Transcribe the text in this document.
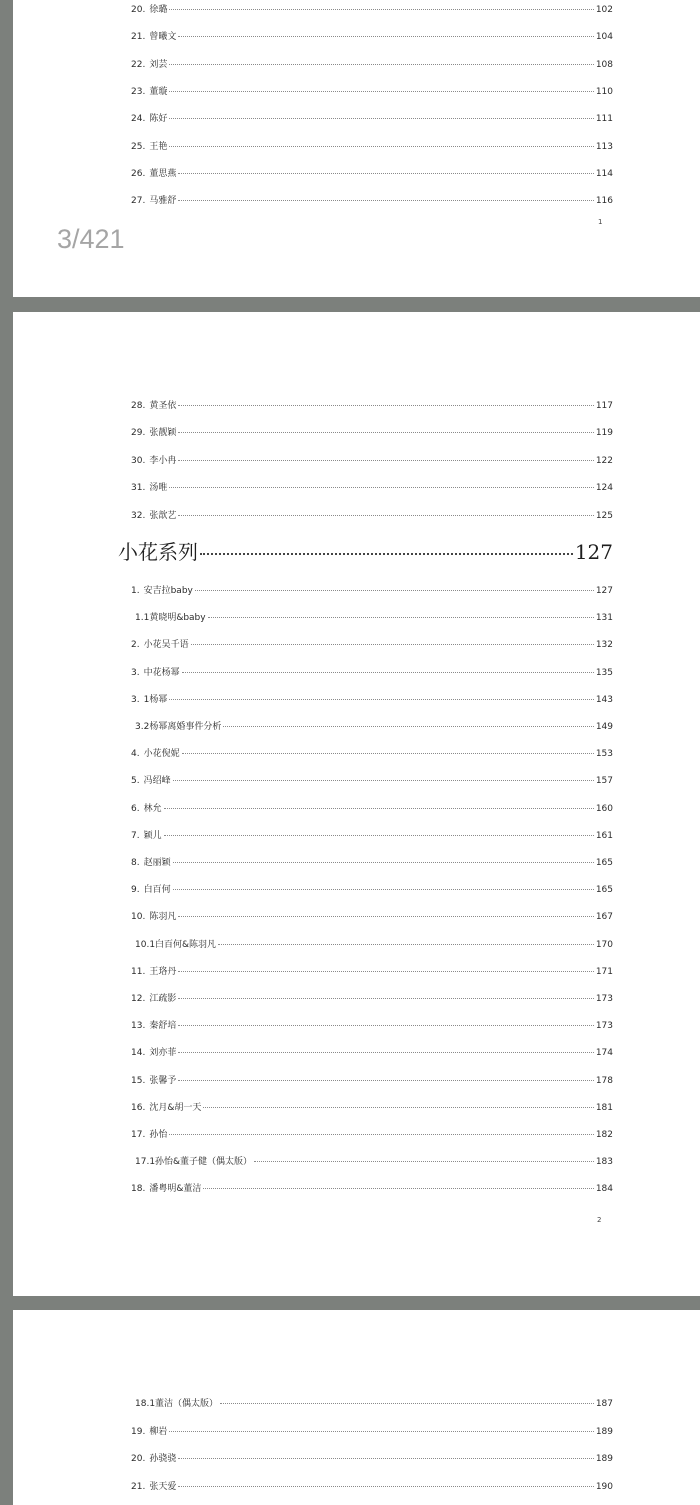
20. 徐璐	102
21. 曾曦文	104
22. 刘芸	108
23. 董璇	110
24. 陈好	111
25. 王艳	113
26. 董思燕	114
27. 马雅舒	116
1
28. 黄圣依	117
29. 张靓颖	119
30. 李小冉	122
31. 汤唯	124
32. 张歆艺	125
小花系列	127
1. 安吉拉baby	127
1.1黄晓明&baby	131
2. 小花吴千语	132
3. 中花杨幂	135
3. 1杨幂	143
3.2杨幂离婚事件分析	149
4. 小花倪妮	153
5. 冯绍峰	157
6. 林允	160
7. 颖儿	161
8. 赵丽颖	165
9. 白百何	165
10. 陈羽凡	167
10.1白百何&陈羽凡	170
11. 王珞丹	171
12. 江疏影	173
13. 秦舒培	173
14. 刘亦菲	174
15. 张馨予	178
16. 沈月&胡一天	181
17. 孙怡	182
17.1孙怡&董子健（偶太版）	183
18. 潘粤明&董洁	184
2
18.1董洁（偶太版）	187
19. 柳岩	189
20. 孙骁骁	189
21. 张天爱	190
3/421
